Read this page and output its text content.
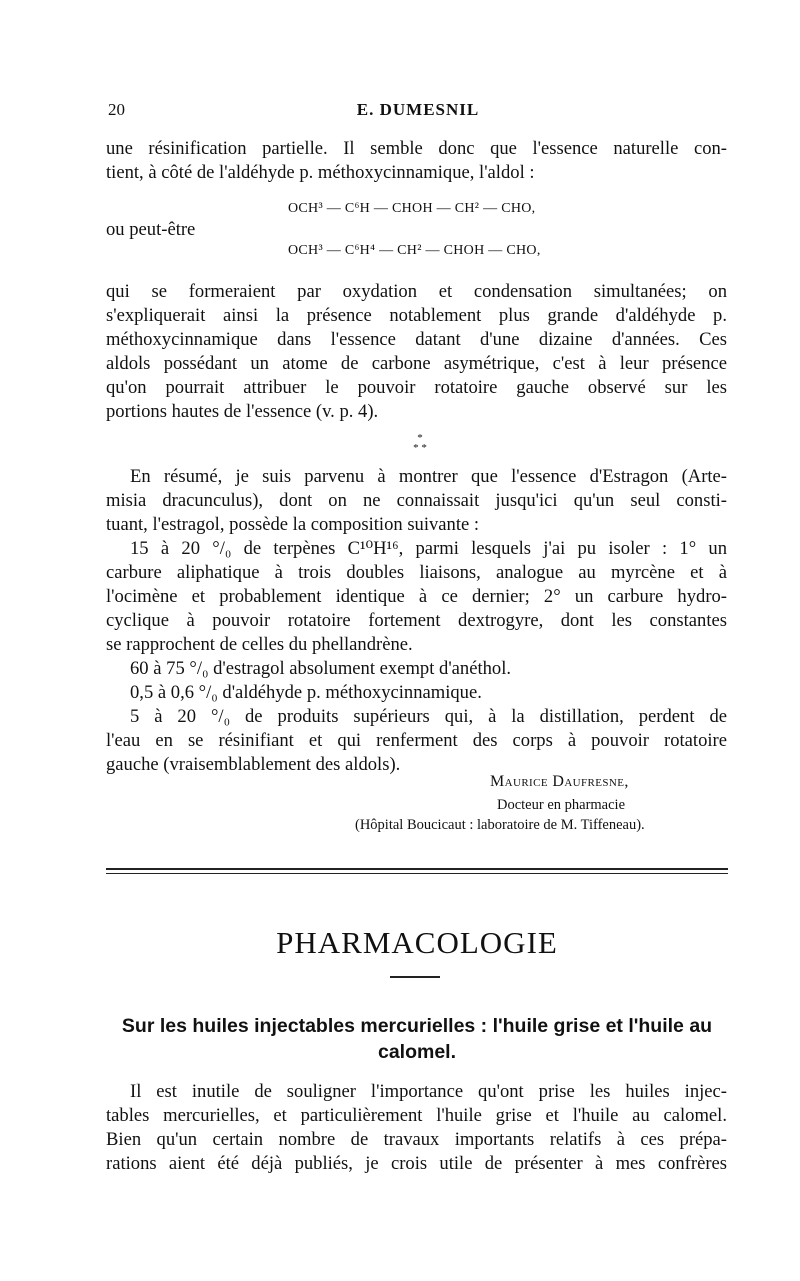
20	E. DUMESNIL
une résinification partielle. Il semble donc que l'essence naturelle con-
tient, à côté de l'aldéhyde p. méthoxycinnamique, l'aldol :
OCH³ — C⁶H — CHOH — CH² — CHO,
ou peut-être
OCH³ — C⁶H⁴ — CH² — CHOH — CHO,
qui se formeraient par oxydation et condensation simultanées; on
s'expliquerait ainsi la présence notablement plus grande d'aldéhyde p.
méthoxycinnamique dans l'essence datant d'une dizaine d'années. Ces
aldols possédant un atome de carbone asymétrique, c'est à leur présence
qu'on pourrait attribuer le pouvoir rotatoire gauche observé sur les
portions hautes de l'essence (v. p. 4).
*
* *
En résumé, je suis parvenu à montrer que l'essence d'Estragon (Arte-
misia dracunculus), dont on ne connaissait jusqu'ici qu'un seul consti-
tuant, l'estragol, possède la composition suivante :
15 à 20 °/₀ de terpènes C¹⁰H¹⁶, parmi lesquels j'ai pu isoler : 1° un
carbure aliphatique à trois doubles liaisons, analogue au myrcène et à
l'ocimène et probablement identique à ce dernier; 2° un carbure hydro-
cyclique à pouvoir rotatoire fortement dextrogyre, dont les constantes
se rapprochent de celles du phellandrène.
60 à 75 °/₀ d'estragol absolument exempt d'anéthol.
0,5 à 0,6 °/₀ d'aldéhyde p. méthoxycinnamique.
5 à 20 °/₀ de produits supérieurs qui, à la distillation, perdent de
l'eau en se résinifiant et qui renferment des corps à pouvoir rotatoire
gauche (vraisemblablement des aldols).
Maurice Daufresne,
Docteur en pharmacie
(Hôpital Boucicaut : laboratoire de M. Tiffeneau).
PHARMACOLOGIE
Sur les huiles injectables mercurielles : l'huile grise et l'huile au
calomel.
Il est inutile de souligner l'importance qu'ont prise les huiles injec-
tables mercurielles, et particulièrement l'huile grise et l'huile au calomel.
Bien qu'un certain nombre de travaux importants relatifs à ces prépa-
rations aient été déjà publiés, je crois utile de présenter à mes confrères
